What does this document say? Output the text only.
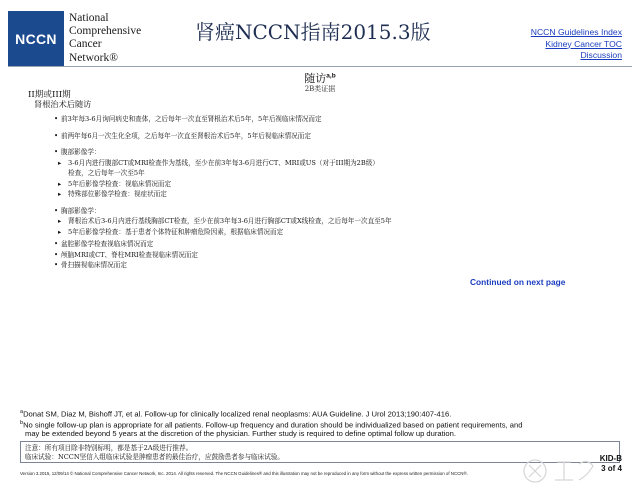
NCCN
National
Comprehensive
Cancer
Network®
肾癌NCCN指南2015.3版	NCCN Guidelines Index
Kidney Cancer TOC
Discussion
随访$^{a,b}$
2B类证据
II期或III期
肾根治术后随访
• 前3年每3-6月询问病史和查体，之后每年一次直至肾根治术后5年，5年后视临床情况而定
• 前两年每6月一次生化全项，之后每年一次直至肾根治术后5年，5年后视临床情况而定
• 腹部影像学：
▸ 3-6月内进行腹部CT或MRI检查作为基线，至少在前3年每3-6月进行CT、MRI或US（对于III期为2B级）
检查，之后每年一次至5年
▸ 5年后影像学检查：视临床情况而定
▸ 特殊部位影像学检查：视症状而定
• 胸部影像学：
▸ 肾根治术后3-6月内进行基线胸部CT检查，至少在前3年每3-6月进行胸部CT或X线检查，之后每年一次直至5年
▸ 5年后影像学检查：基于患者个体特征和肿瘤危险因素，根据临床情况而定
• 盆腔影像学检查视临床情况而定
• 颅脑MRI或CT、脊柱MRI检查视临床情况而定
• 骨扫描视临床情况而定
Continued on next page
$^a$Donat SM, Diaz M, Bishoff JT, et al. Follow-up for clinically localized renal neoplasms: AUA Guideline. J Urol 2013;190:407-416.
$^b$No single follow-up plan is appropriate for all patients. Follow-up frequency and duration should be individualized based on patient requirements, and
may be extended beyond 5 years at the discretion of the physician. Further study is required to define optimal follow up duration.
注意：所有项目除非特别标明，都是基于2A级进行推荐。
临床试验：NCCN坚信入组临床试验是肿瘤患者的最佳治疗，应鼓励患者参与临床试验。
Version 3.2015, 12/09/14 © National Comprehensive Cancer Network, Inc. 2014. All rights reserved. The NCCN Guidelines® and this illustration may not be reproduced in any form without the express written permission of NCCN®.
KID-B
3 of 4
